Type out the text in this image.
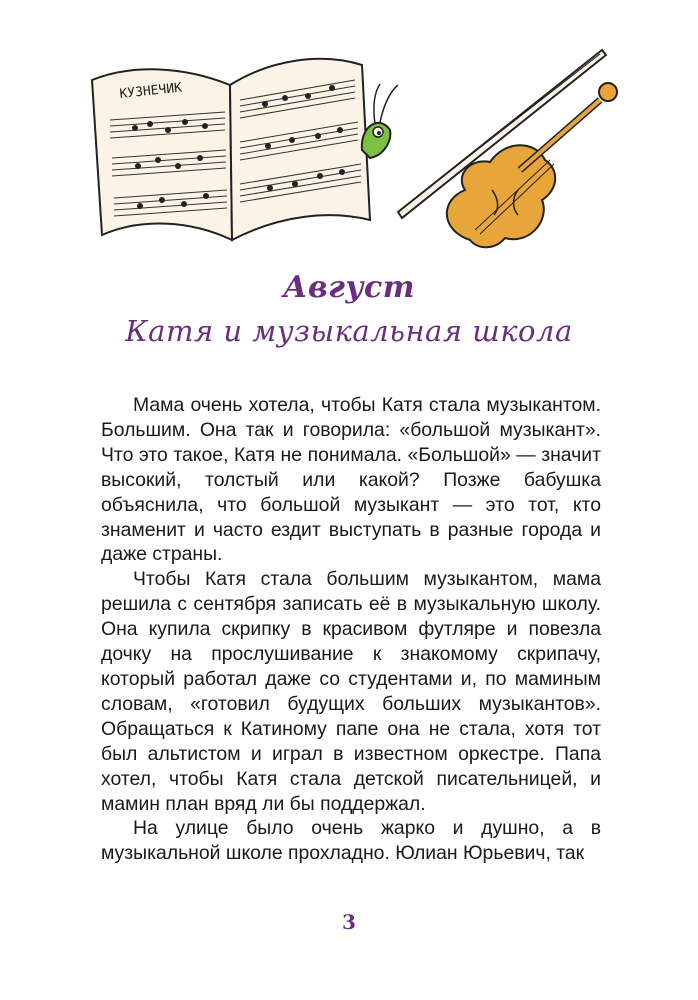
КУЗНЕЧИК
Август
Катя и музыкальная школа

Мама очень хотела, чтобы Катя стала музыкантом. Большим. Она так и говорила: «большой музыкант». Что это такое, Катя не понимала. «Большой» — значит высокий, толстый или какой? Позже бабушка объяснила, что большой музыкант — это тот, кто знаменит и часто ездит выступать в разные города и даже страны.

Чтобы Катя стала большим музыкантом, мама решила с сентября записать её в музыкальную школу. Она купила скрипку в красивом футляре и повезла дочку на прослушивание к знакомому скрипачу, который работал даже со студентами и, по маминым словам, «готовил будущих больших музыкантов». Обращаться к Катиному папе она не стала, хотя тот был альтистом и играл в известном оркестре. Папа хотел, чтобы Катя стала детской писательницей, и мамин план вряд ли бы поддержал.

На улице было очень жарко и душно, а в музыкальной школе прохладно. Юлиан Юрьевич, так

3
